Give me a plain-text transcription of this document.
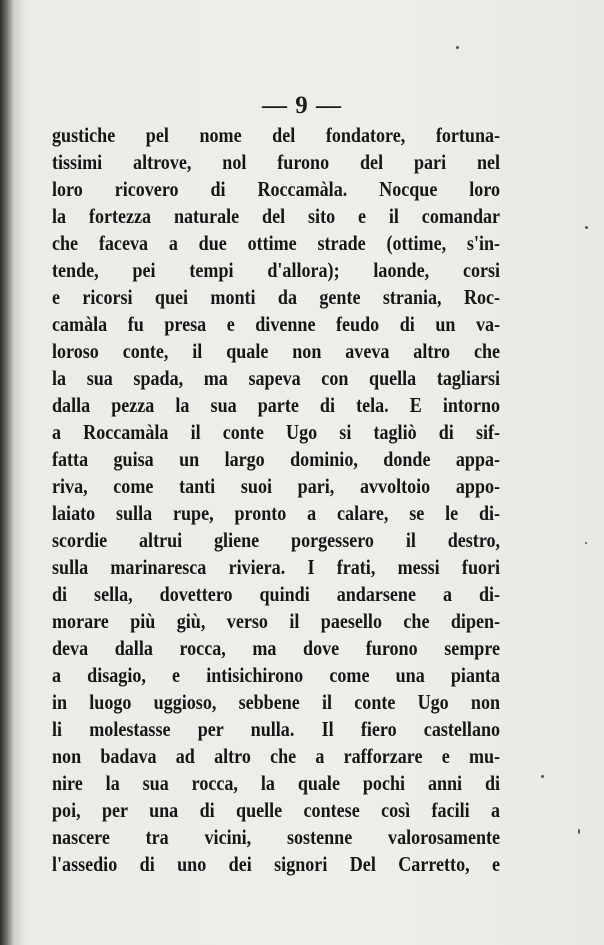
— 9 —
gustiche pel nome del fondatore, fortuna-
tissimi altrove, nol furono del pari nel
loro ricovero di Roccamàla. Nocque loro
la fortezza naturale del sito e il comandar
che faceva a due ottime strade (ottime, s'in-
tende, pei tempi d'allora); laonde, corsi
e ricorsi quei monti da gente strania, Roc-
camàla fu presa e divenne feudo di un va-
loroso conte, il quale non aveva altro che
la sua spada, ma sapeva con quella tagliarsi
dalla pezza la sua parte di tela. E intorno
a Roccamàla il conte Ugo si tagliò di sif-
fatta guisa un largo dominio, donde appa-
riva, come tanti suoi pari, avvoltoio appo-
laiato sulla rupe, pronto a calare, se le di-
scordie altrui gliene porgessero il destro,
sulla marinaresca riviera. I frati, messi fuori
di sella, dovettero quindi andarsene a di-
morare più giù, verso il paesello che dipen-
deva dalla rocca, ma dove furono sempre
a disagio, e intisichirono come una pianta
in luogo uggioso, sebbene il conte Ugo non
li molestasse per nulla. Il fiero castellano
non badava ad altro che a rafforzare e mu-
nire la sua rocca, la quale pochi anni di
poi, per una di quelle contese così facili a
nascere tra vicini, sostenne valorosamente
l'assedio di uno dei signori Del Carretto, e
